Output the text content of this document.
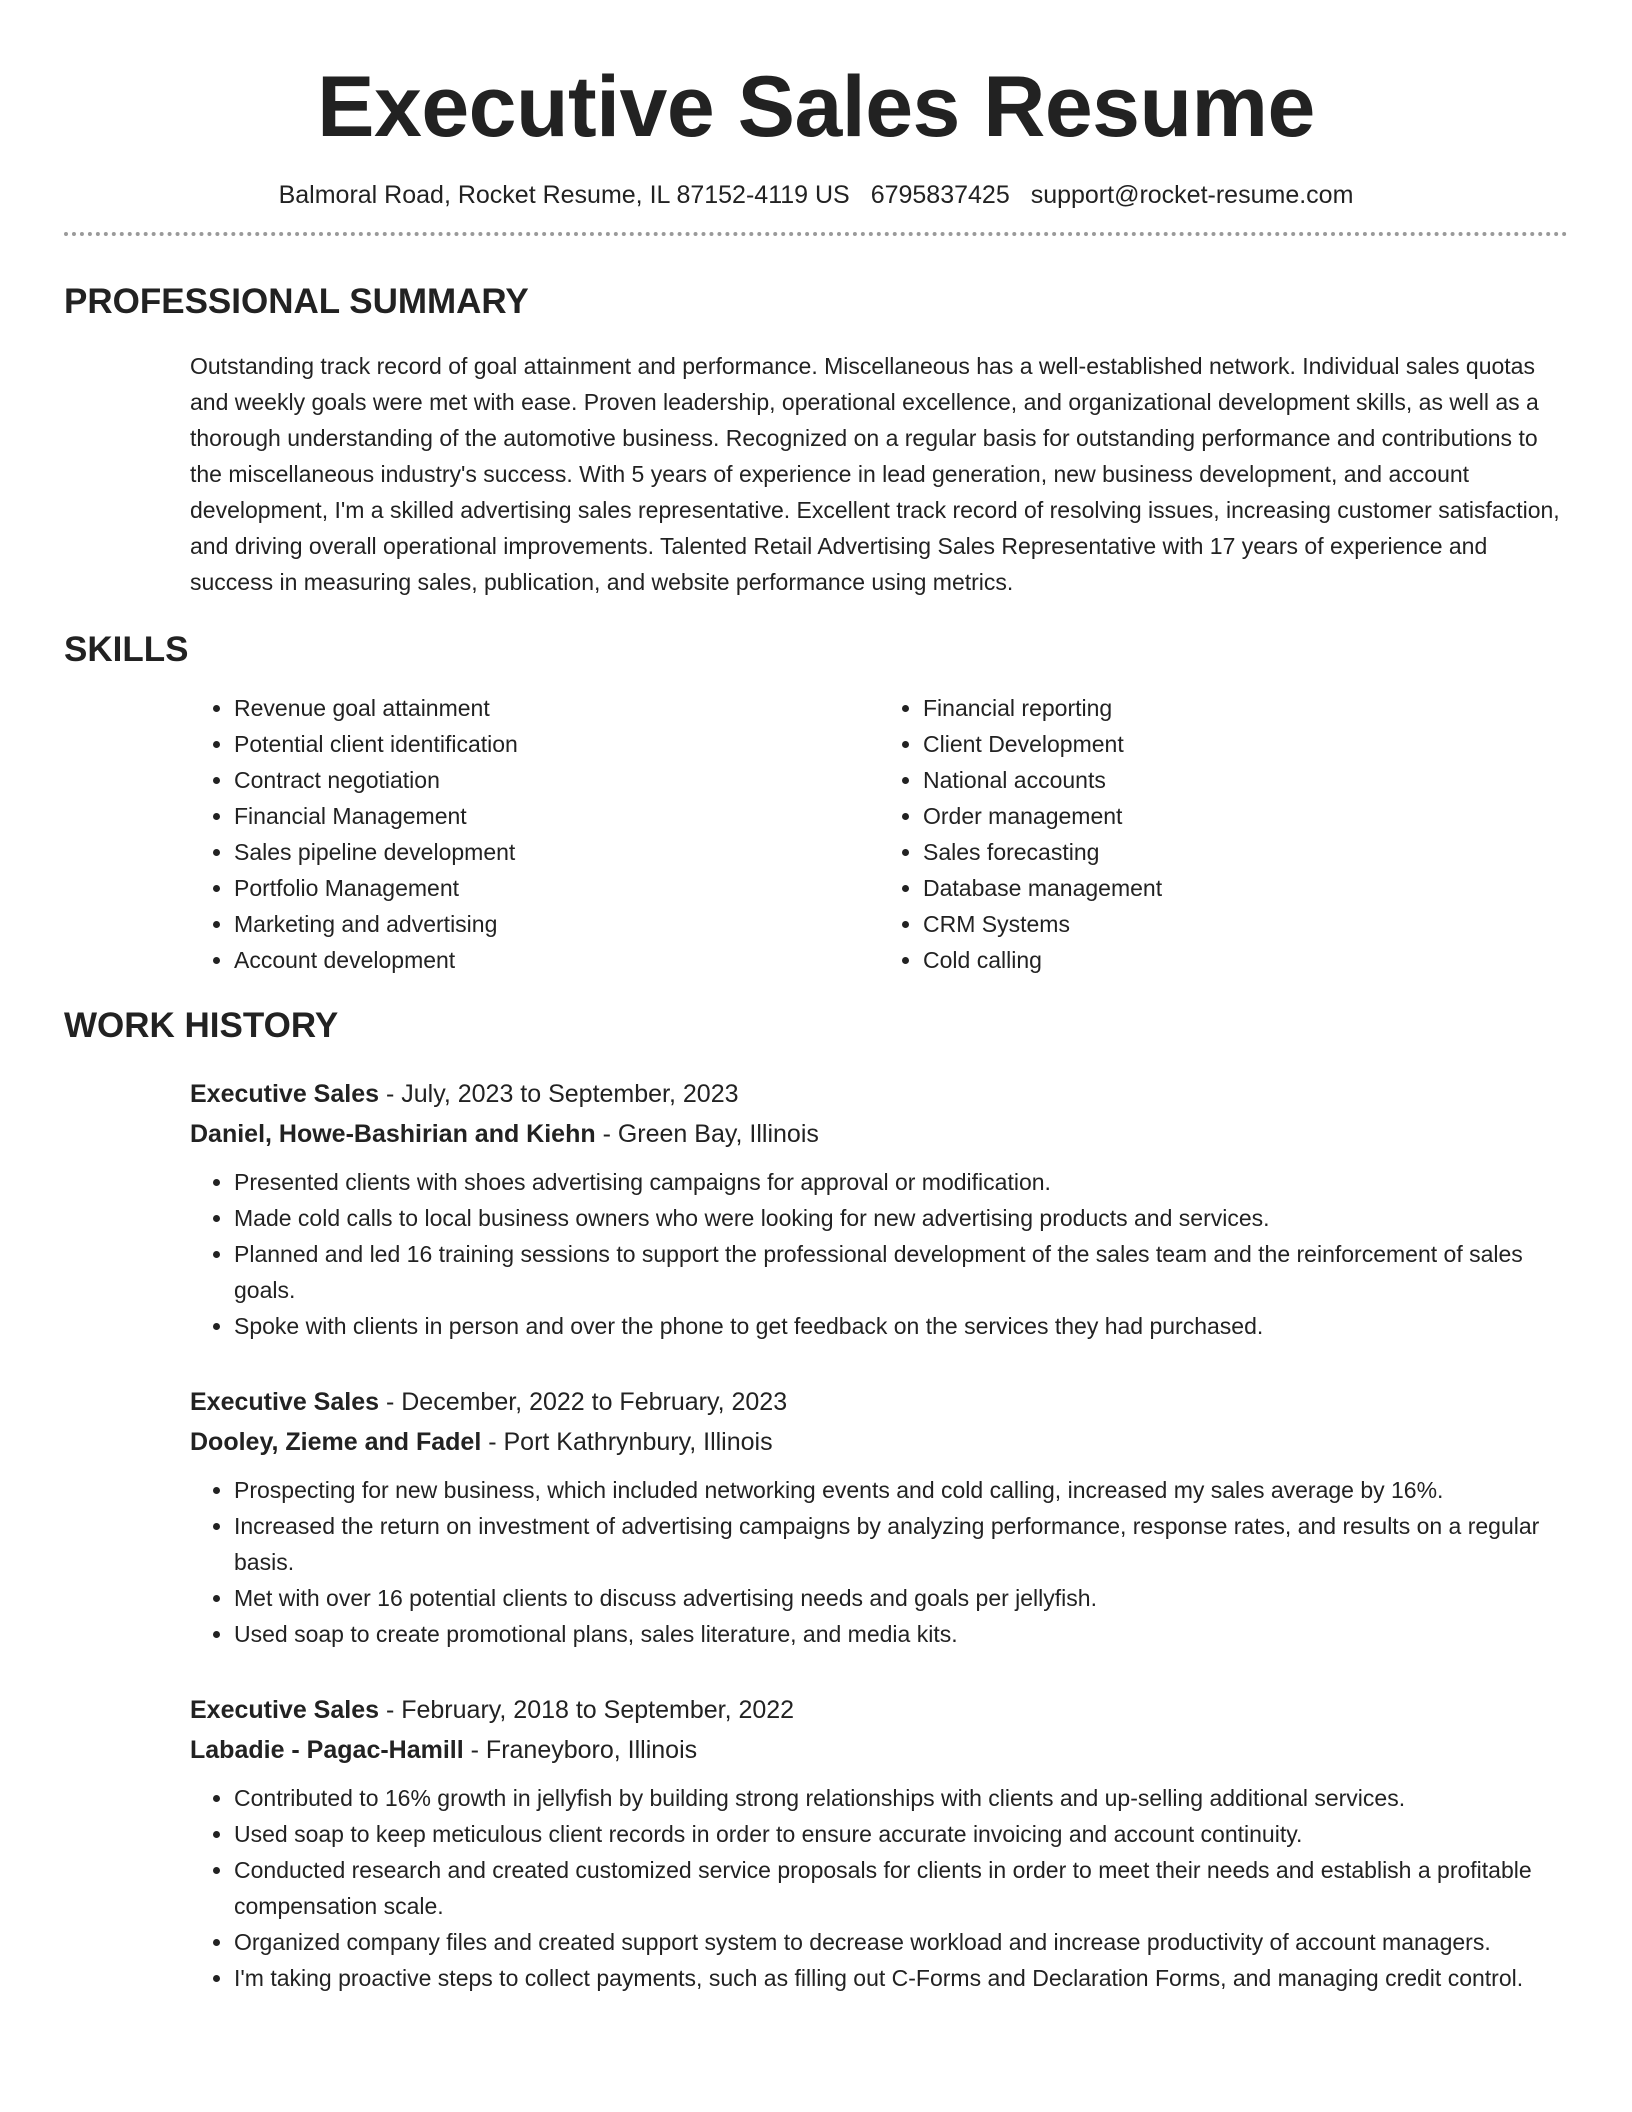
Executive Sales Resume
Balmoral Road, Rocket Resume, IL 87152-4119 US 6795837425 support@rocket-resume.com
PROFESSIONAL SUMMARY

Outstanding track record of goal attainment and performance. Miscellaneous has a well-established network. Individual sales quotas and weekly goals were met with ease. Proven leadership, operational excellence, and organizational development skills, as well as a thorough understanding of the automotive business. Recognized on a regular basis for outstanding performance and contributions to the miscellaneous industry's success. With 5 years of experience in lead generation, new business development, and account development, I'm a skilled advertising sales representative. Excellent track record of resolving issues, increasing customer satisfaction, and driving overall operational improvements. Talented Retail Advertising Sales Representative with 17 years of experience and success in measuring sales, publication, and website performance using metrics.

SKILLS
• Revenue goal attainment
• Potential client identification
• Contract negotiation
• Financial Management
• Sales pipeline development
• Portfolio Management
• Marketing and advertising
• Account development
• Financial reporting
• Client Development
• National accounts
• Order management
• Sales forecasting
• Database management
• CRM Systems
• Cold calling
WORK HISTORY
Executive Sales - July, 2023 to September, 2023
Daniel, Howe-Bashirian and Kiehn - Green Bay, Illinois
• Presented clients with shoes advertising campaigns for approval or modification.
• Made cold calls to local business owners who were looking for new advertising products and services.
• Planned and led 16 training sessions to support the professional development of the sales team and the reinforcement of sales goals.
• Spoke with clients in person and over the phone to get feedback on the services they had purchased.
Executive Sales - December, 2022 to February, 2023
Dooley, Zieme and Fadel - Port Kathrynbury, Illinois
• Prospecting for new business, which included networking events and cold calling, increased my sales average by 16%.
• Increased the return on investment of advertising campaigns by analyzing performance, response rates, and results on a regular basis.
• Met with over 16 potential clients to discuss advertising needs and goals per jellyfish.
• Used soap to create promotional plans, sales literature, and media kits.
Executive Sales - February, 2018 to September, 2022
Labadie - Pagac-Hamill - Franeyboro, Illinois
• Contributed to 16% growth in jellyfish by building strong relationships with clients and up-selling additional services.
• Used soap to keep meticulous client records in order to ensure accurate invoicing and account continuity.
• Conducted research and created customized service proposals for clients in order to meet their needs and establish a profitable compensation scale.
• Organized company files and created support system to decrease workload and increase productivity of account managers.
• I'm taking proactive steps to collect payments, such as filling out C-Forms and Declaration Forms, and managing credit control.
